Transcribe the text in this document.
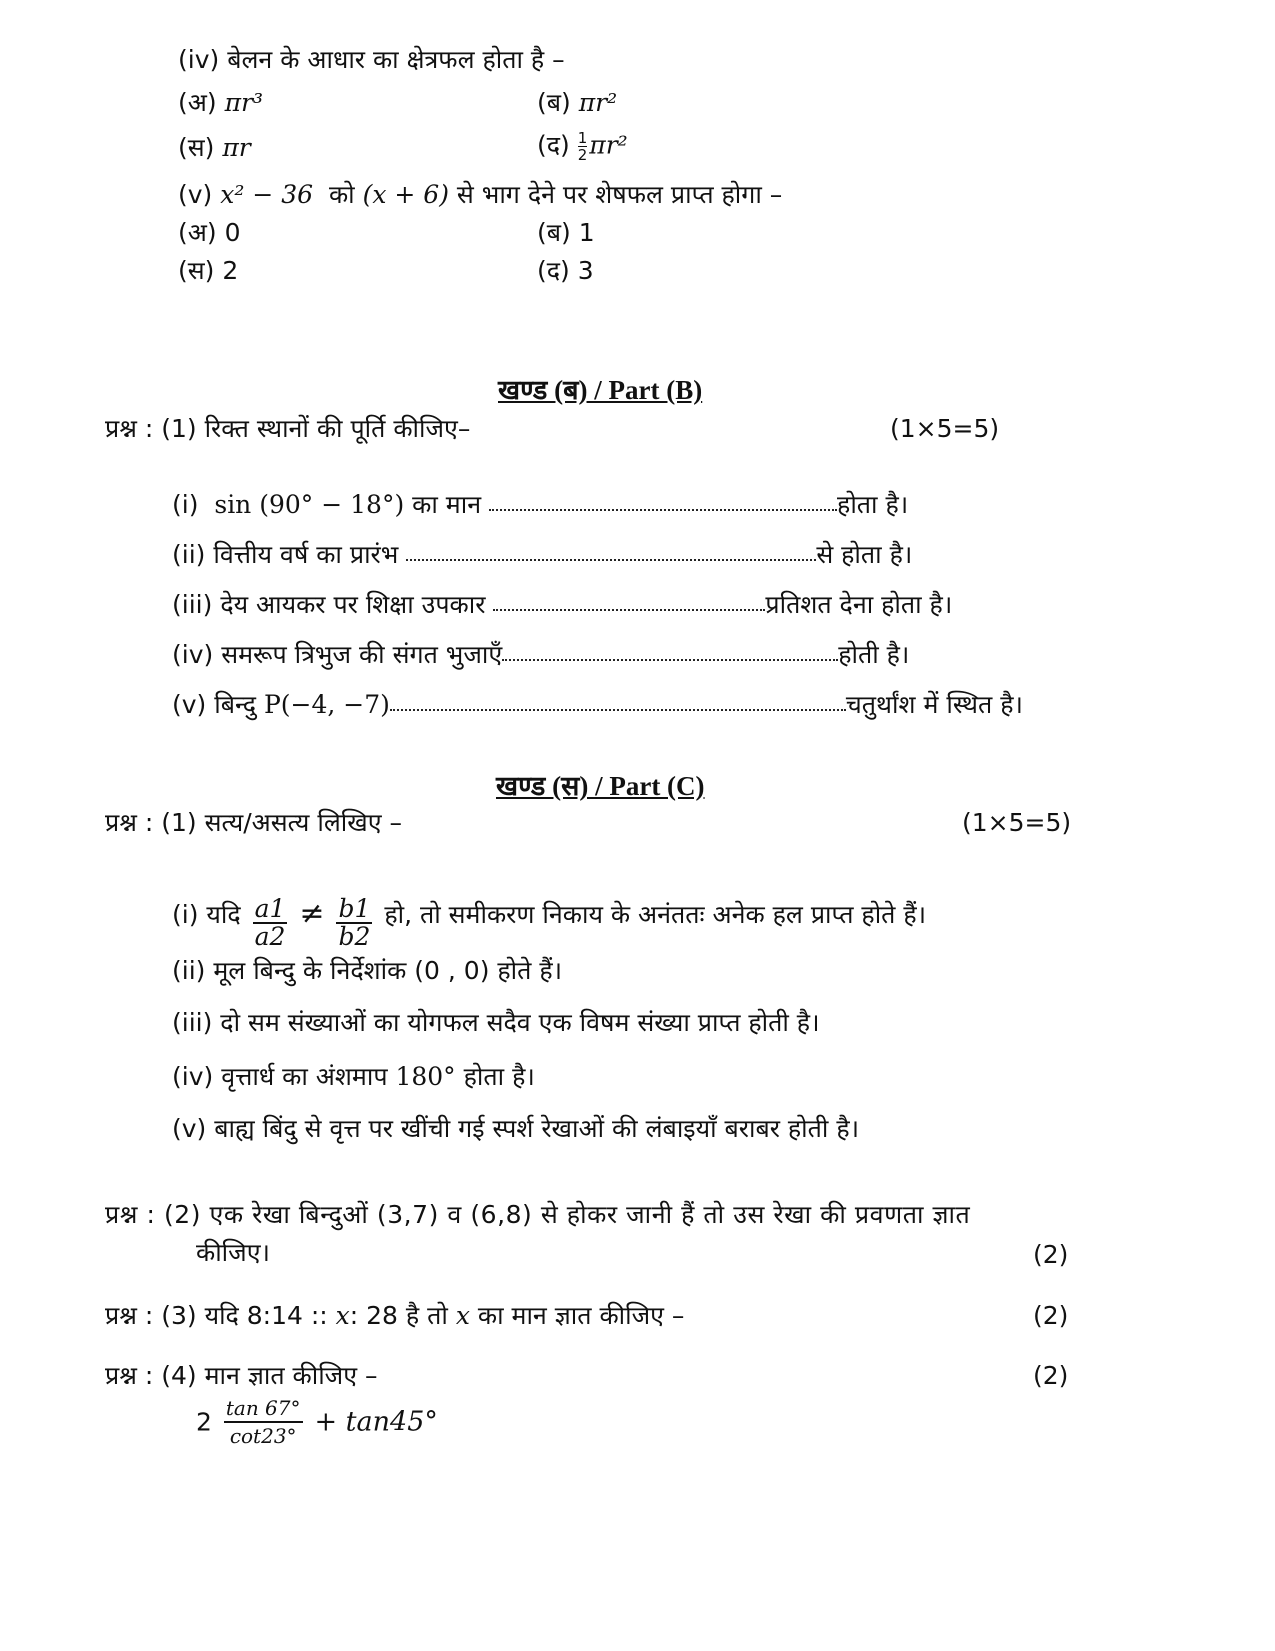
(iv) बेलन के आधार का क्षेत्रफल होता है –
(अ) πr³	(ब) πr²
(स) πr	(द) $\frac{1}{2} \pi r^2$
(v) x² − 36 को (x + 6) से भाग देने पर शेषफल प्राप्त होगा –
(अ) 0	(ब) 1
(स) 2	(द) 3
खण्ड (ब) / Part (B)
प्रश्न : (1) रिक्त स्थानों की पूर्ति कीजिए–	(1×5=5)
(i) sin (90° − 18°) का मान	होता है।
(ii) वित्तीय वर्ष का प्रारंभ	से होता है।
(iii) देय आयकर पर शिक्षा उपकार	प्रतिशत देना होता है।
(iv) समरूप त्रिभुज की संगत भुजाएँ	होती है।
(v) बिन्दु P(−4, −7)	चतुर्थांश में स्थित है।
खण्ड (स) / Part (C)
प्रश्न : (1) सत्य/असत्य लिखिए –	(1×5=5)
(i) यदि $\frac{a1}{a2} \ne \frac{b1}{b2}$ हो, तो समीकरण निकाय के अनंततः अनेक हल प्राप्त होते हैं।
(ii) मूल बिन्दु के निर्देशांक (0 , 0) होते हैं।
(iii) दो सम संख्याओं का योगफल सदैव एक विषम संख्या प्राप्त होती है।
(iv) वृत्तार्ध का अंशमाप 180° होता है।
(v) बाह्य बिंदु से वृत्त पर खींची गई स्पर्श रेखाओं की लंबाइयाँ बराबर होती है।
प्रश्न : (2) एक रेखा बिन्दुओं (3,7) व (6,8) से होकर जानी हैं तो उस रेखा की प्रवणता ज्ञात
कीजिए।	(2)
प्रश्न : (3) यदि 8:14 :: x: 28 है तो x का मान ज्ञात कीजिए –	(2)
प्रश्न : (4) मान ज्ञात कीजिए –	(2)
$2 \frac{\tan 67^\circ}{\cot 23^\circ} + \tan 45^\circ$
